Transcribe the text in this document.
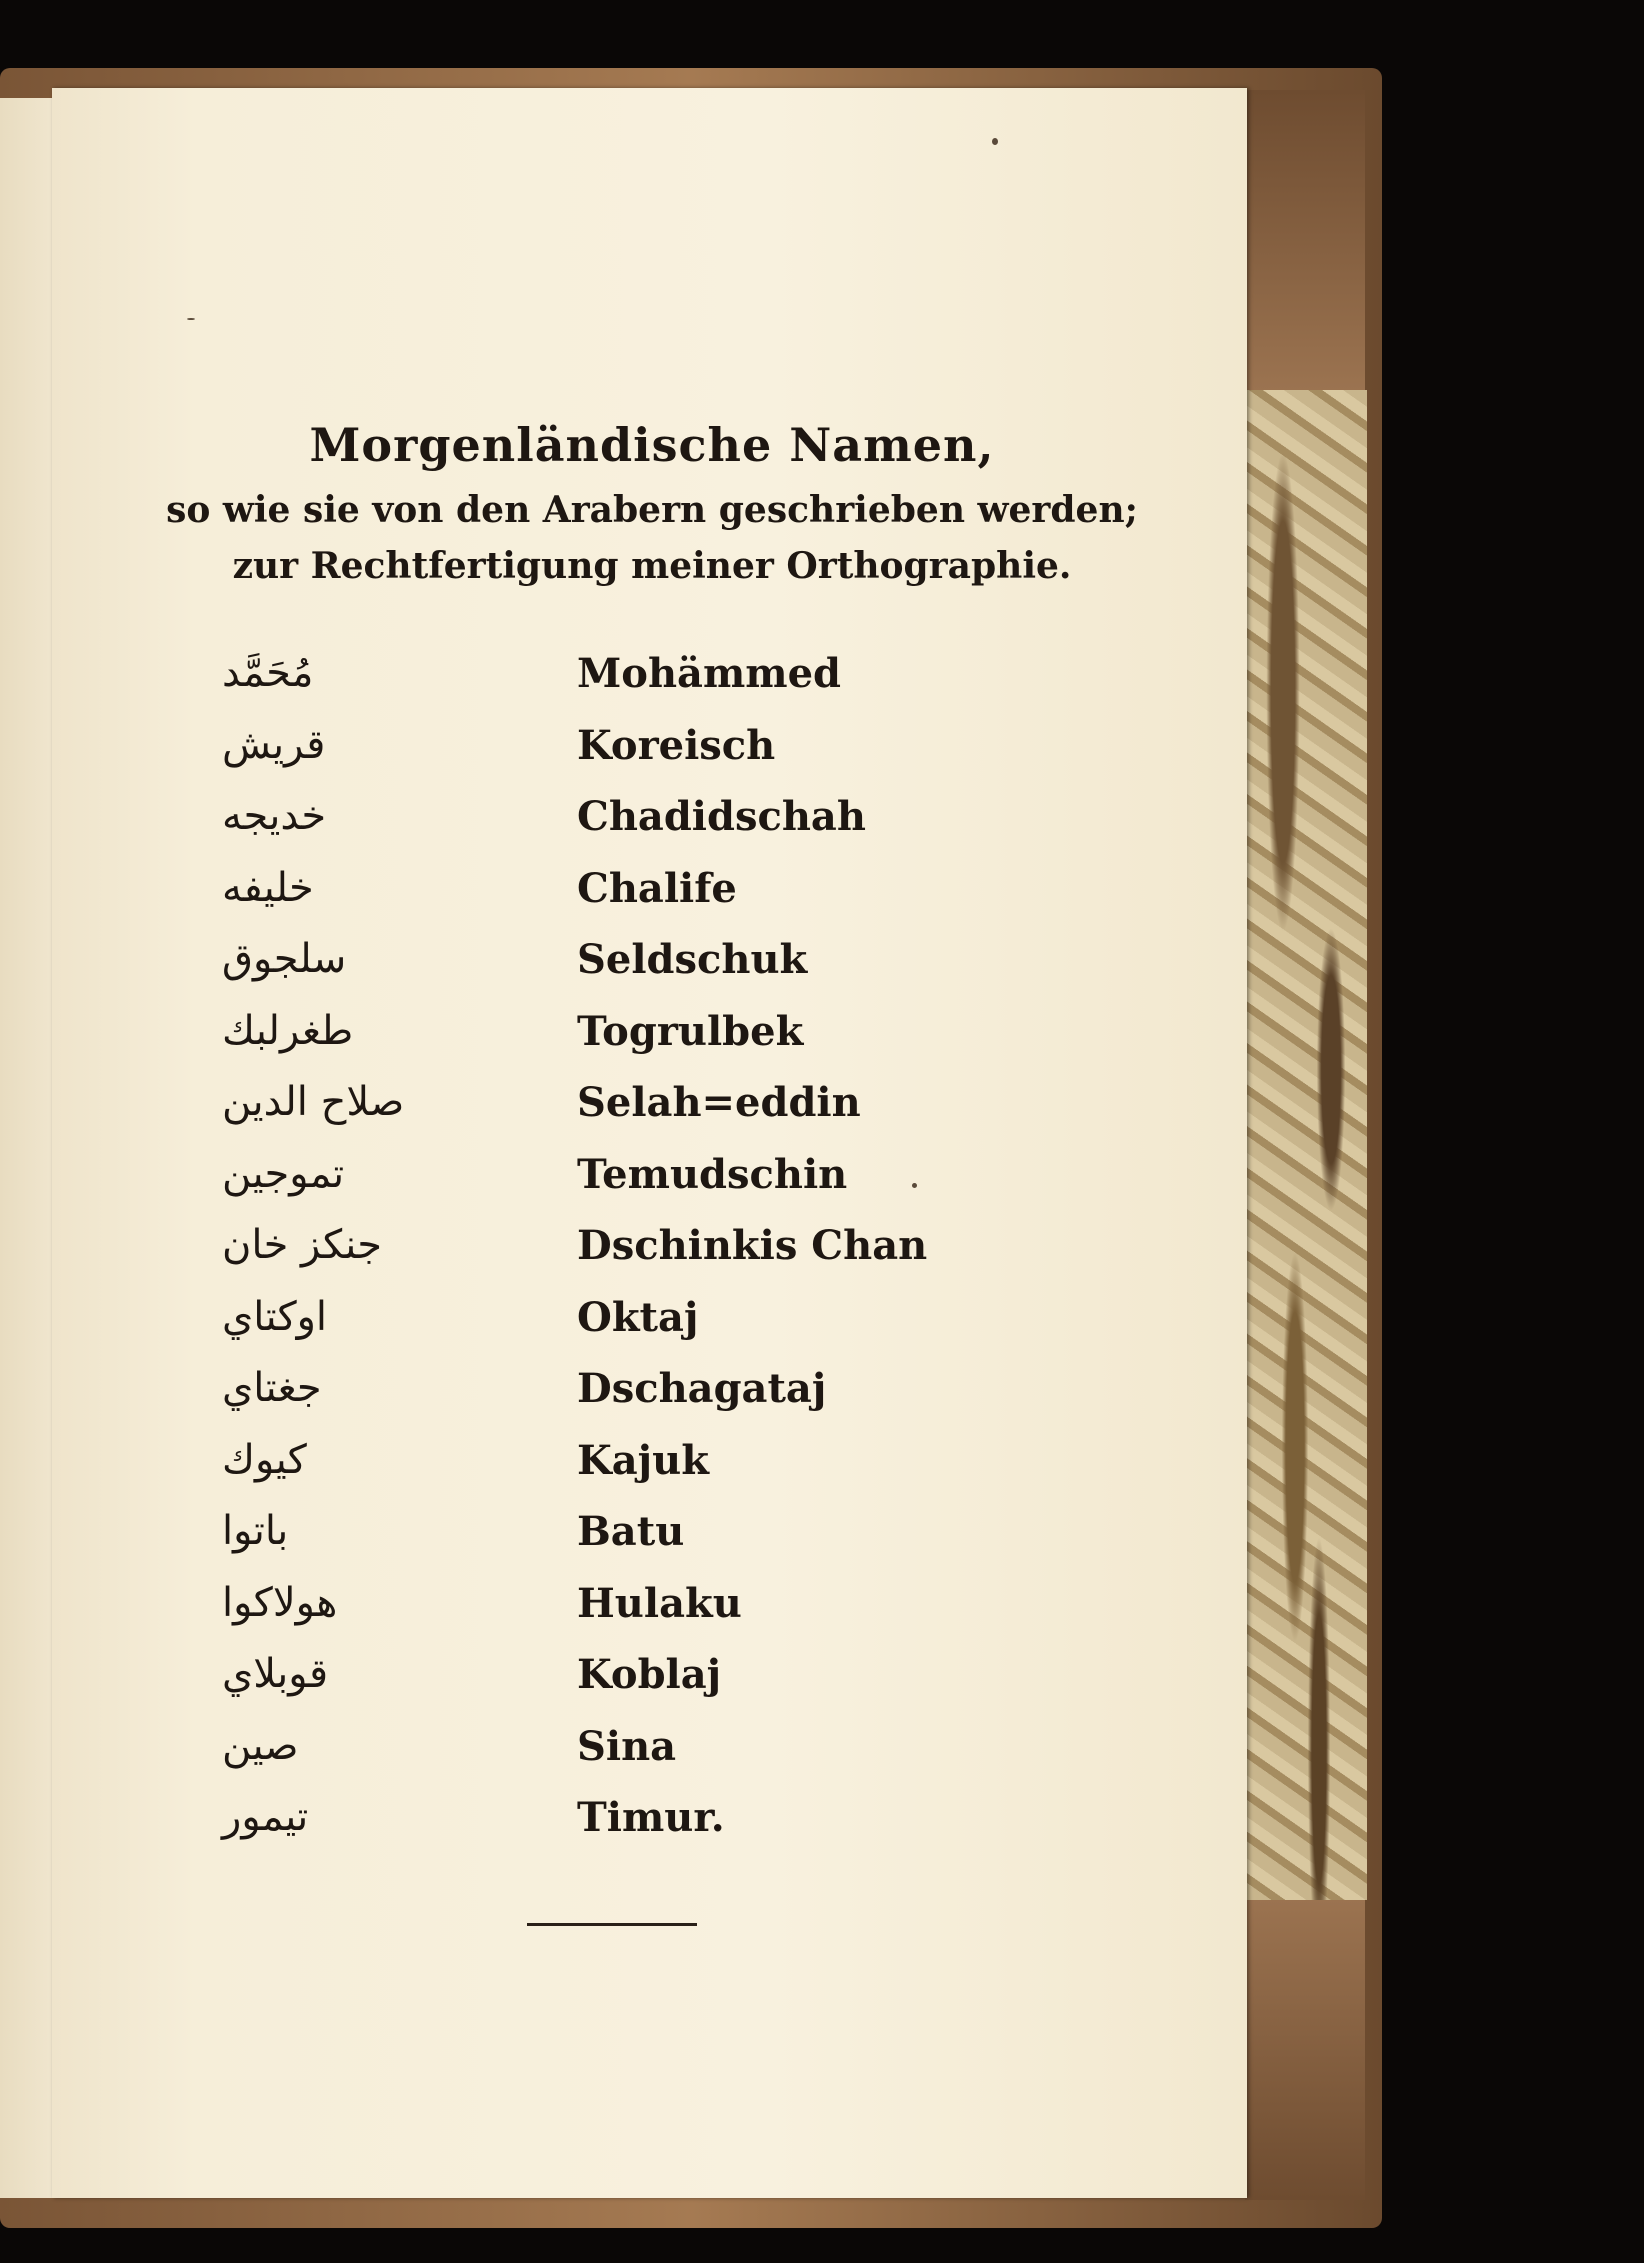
Morgenländische Namen,

so wie sie von den Arabern geschrieben werden;

zur Rechtfertigung meiner Orthographie.

مُحَمَّد	Mohämmed
قريش	Koreisch
خديجه	Chadidschah
خليفه	Chalife
سلجوق	Seldschuk
طغرلبك	Togrulbek
صلاح الدين	Selah=eddin
تموجين	Temudschin
جنكز خان	Dschinkis Chan
اوكتاي	Oktaj
جغتاي	Dschagataj
كيوك	Kajuk
باتوا	Batu
هولاكوا	Hulaku
قوبلاي	Koblaj
صين	Sina
تيمور	Timur.
